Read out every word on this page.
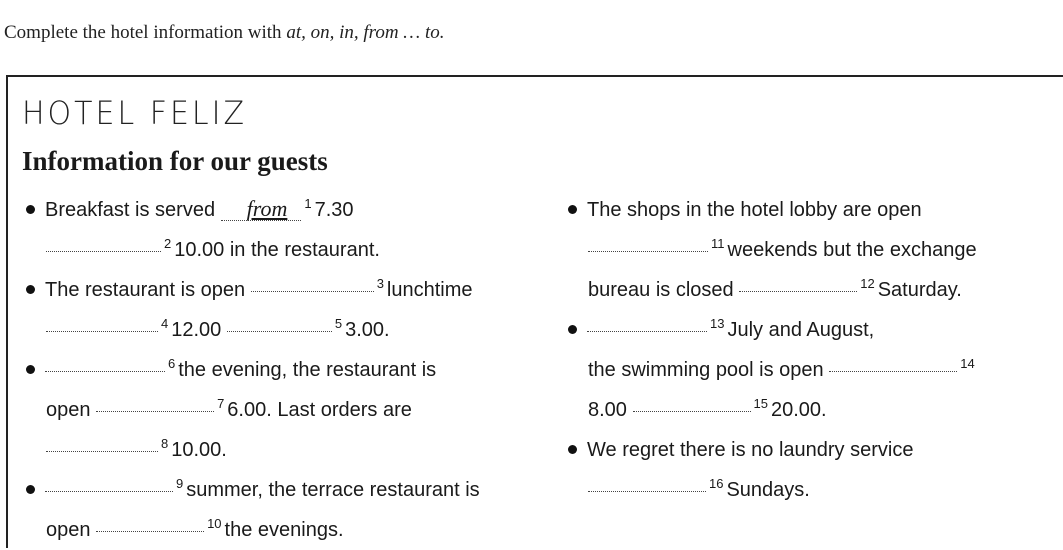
Complete the hotel information with at, on, in, from … to.
HOTEL FELIZ
Information for our guests
Breakfast is served from $^1$ 7.30
$^2$ 10.00 in the restaurant.
The restaurant is open	$^3$ lunchtime
$^4$ 12.00	$^5$ 3.00.
$^6$ the evening, the restaurant is
open	$^7$ 6.00. Last orders are
$^8$ 10.00.
$^9$ summer, the terrace restaurant is
open	$^{10}$ the evenings.
The shops in the hotel lobby are open
$^{11}$ weekends but the exchange
bureau is closed	$^{12}$ Saturday.
$^{13}$ July and August,
the swimming pool is open	$^{14}$
8.00	$^{15}$ 20.00.
We regret there is no laundry service
$^{16}$ Sundays.
